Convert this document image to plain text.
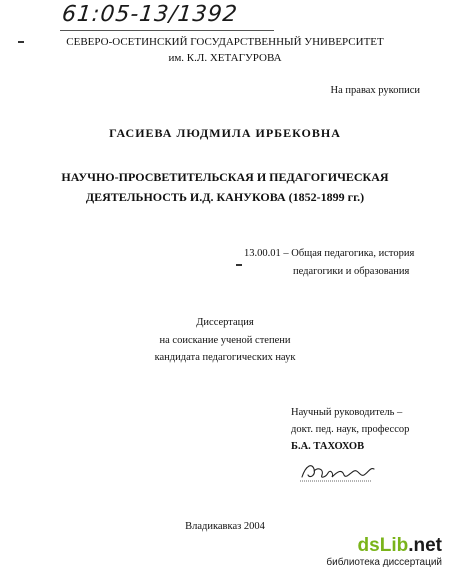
61:05-13/1392
СЕВЕРО-ОСЕТИНСКИЙ ГОСУДАРСТВЕННЫЙ УНИВЕРСИТЕТ
им. К.Л. ХЕТАГУРОВА
На правах рукописи
ГАСИЕВА ЛЮДМИЛА ИРБЕКОВНА
НАУЧНО-ПРОСВЕТИТЕЛЬСКАЯ И ПЕДАГОГИЧЕСКАЯ
ДЕЯТЕЛЬНОСТЬ И.Д. КАНУКОВА (1852-1899 гг.)
13.00.01 – Общая педагогика, история
педагогики и образования
Диссертация
на соискание ученой степени
кандидата педагогических наук
Научный руководитель –
докт. пед. наук, профессор
Б.А. ТАХОХОВ
Владикавказ 2004
dsLib.net
библиотека диссертаций
